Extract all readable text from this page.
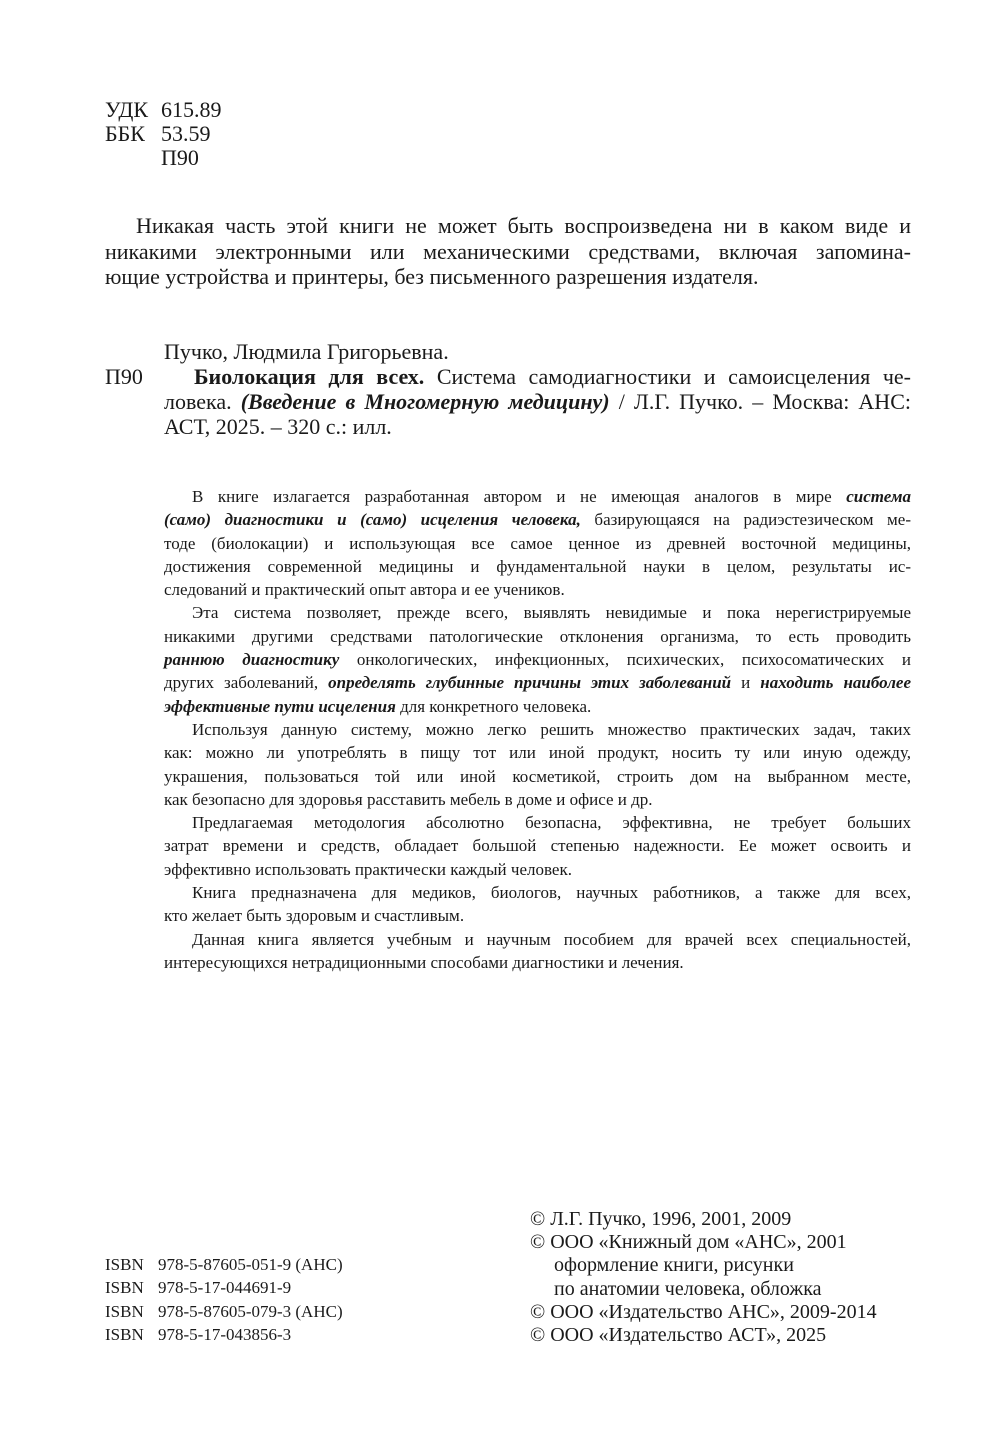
УДК 615.89
ББК 53.59
П90
Никакая часть этой книги не может быть воспроизведена ни в каком виде и
никакими электронными или механическими средствами, включая запомина-
ющие устройства и принтеры, без письменного разрешения издателя.
Пучко, Людмила Григорьевна.
П90 Биолокация для всех. Система самодиагностики и самоисцеления че-
ловека. (Введение в Многомерную медицину) / Л.Г. Пучко. – Москва: АНС:
АСТ, 2025. – 320 с.: илл.

В книге излагается разработанная автором и не имеющая аналогов в мире система
(само) диагностики и (само) исцеления человека, базирующаяся на радиэстезическом ме-
тоде (биолокации) и использующая все самое ценное из древней восточной медицины,
достижения современной медицины и фундаментальной науки в целом, результаты ис-
следований и практический опыт автора и ее учеников.

Эта система позволяет, прежде всего, выявлять невидимые и пока нерегистрируемые
никакими другими средствами патологические отклонения организма, то есть проводить
раннюю диагностику онкологических, инфекционных, психических, психосоматических и
других заболеваний, определять глубинные причины этих заболеваний и находить наиболее
эффективные пути исцеления для конкретного человека.

Используя данную систему, можно легко решить множество практических задач, таких
как: можно ли употреблять в пищу тот или иной продукт, носить ту или иную одежду,
украшения, пользоваться той или иной косметикой, строить дом на выбранном месте,
как безопасно для здоровья расставить мебель в доме и офисе и др.

Предлагаемая методология абсолютно безопасна, эффективна, не требует больших
затрат времени и средств, обладает большой степенью надежности. Ее может освоить и
эффективно использовать практически каждый человек.

Книга предназначена для медиков, биологов, научных работников, а также для всех,
кто желает быть здоровым и счастливым.

Данная книга является учебным и научным пособием для врачей всех специальностей,
интересующихся нетрадиционными способами диагностики и лечения.

ISBN 978-5-87605-051-9 (АНС)
ISBN 978-5-17-044691-9
ISBN 978-5-87605-079-3 (АНС)
ISBN 978-5-17-043856-3
© Л.Г. Пучко, 1996, 2001, 2009
© ООО «Книжный дом «АНС», 2001
оформление книги, рисунки
по анатомии человека, обложка
© ООО «Издательство АНС», 2009-2014
© ООО «Издательство АСТ», 2025
